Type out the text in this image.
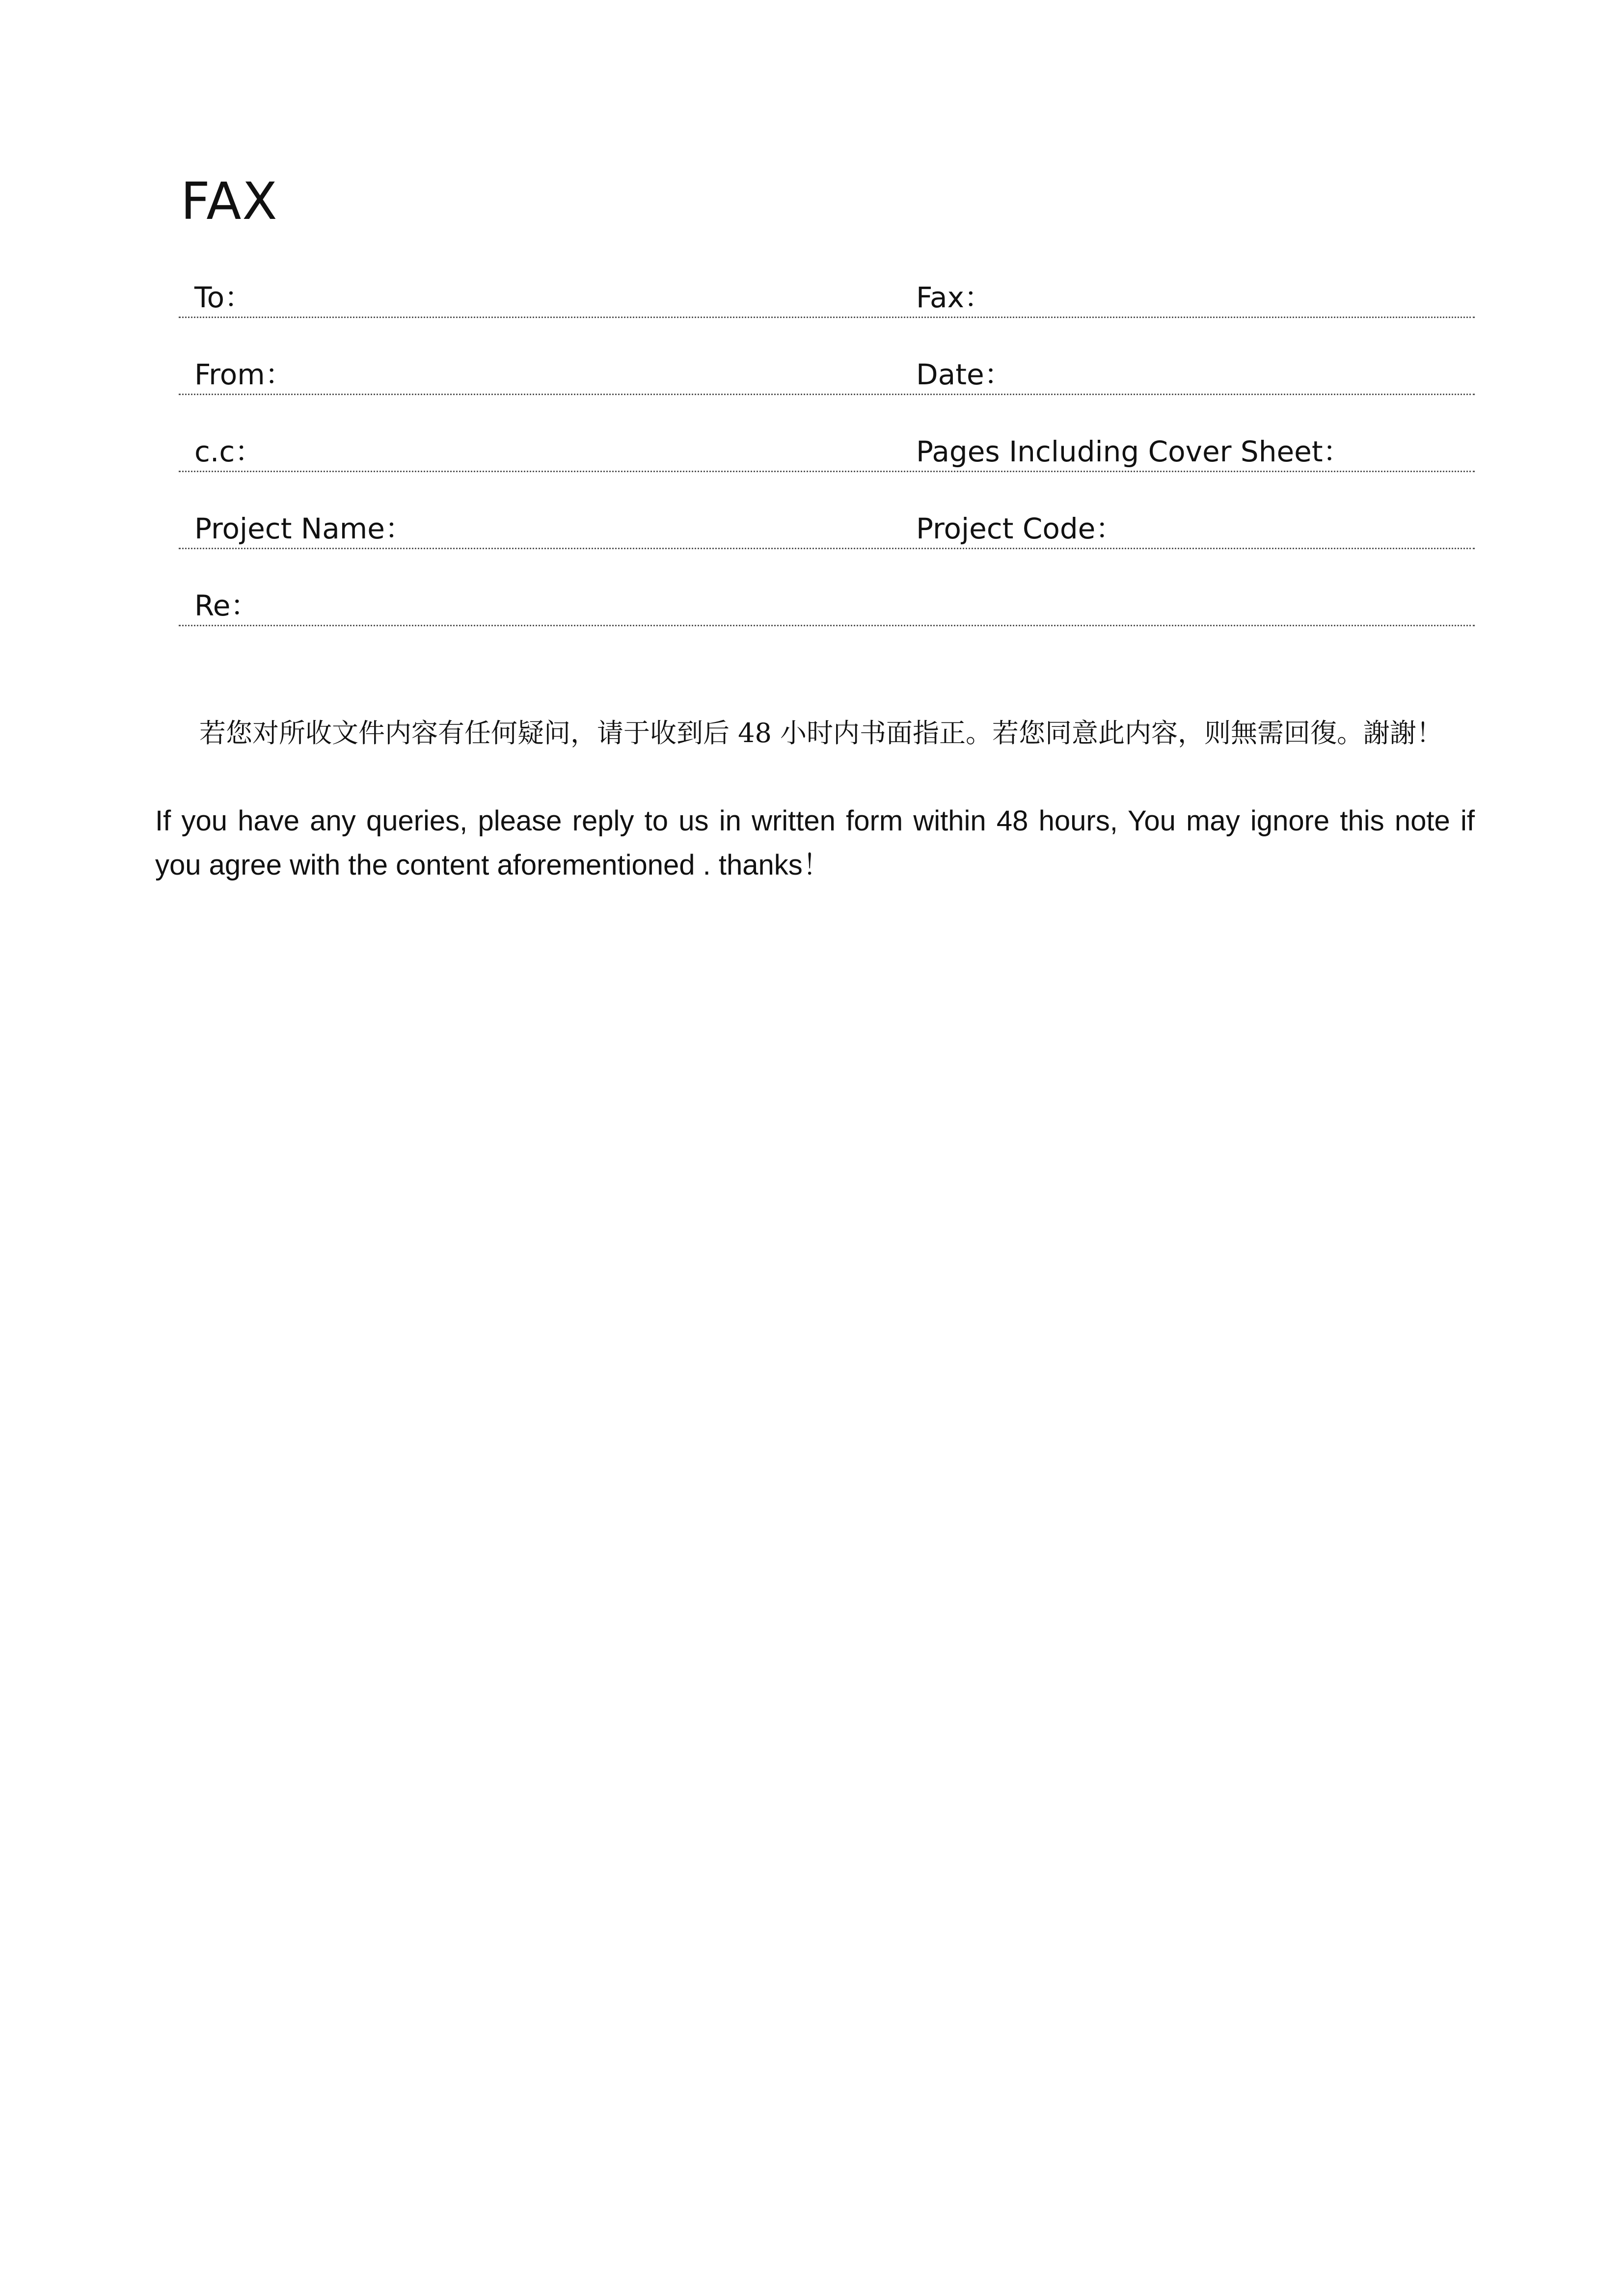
FAX
To：	Fax：
From：	Date：
c.c：	Pages Including Cover Sheet：
Project Name：	Project Code：
Re：

若您对所收文件内容有任何疑问，请于收到后 48 小时内书面指正。若您同意此内容，则無需回復。謝謝！

If you have any queries, please reply to us in written form within 48 hours, You may ignore this note if you agree with the content aforementioned . thanks！
